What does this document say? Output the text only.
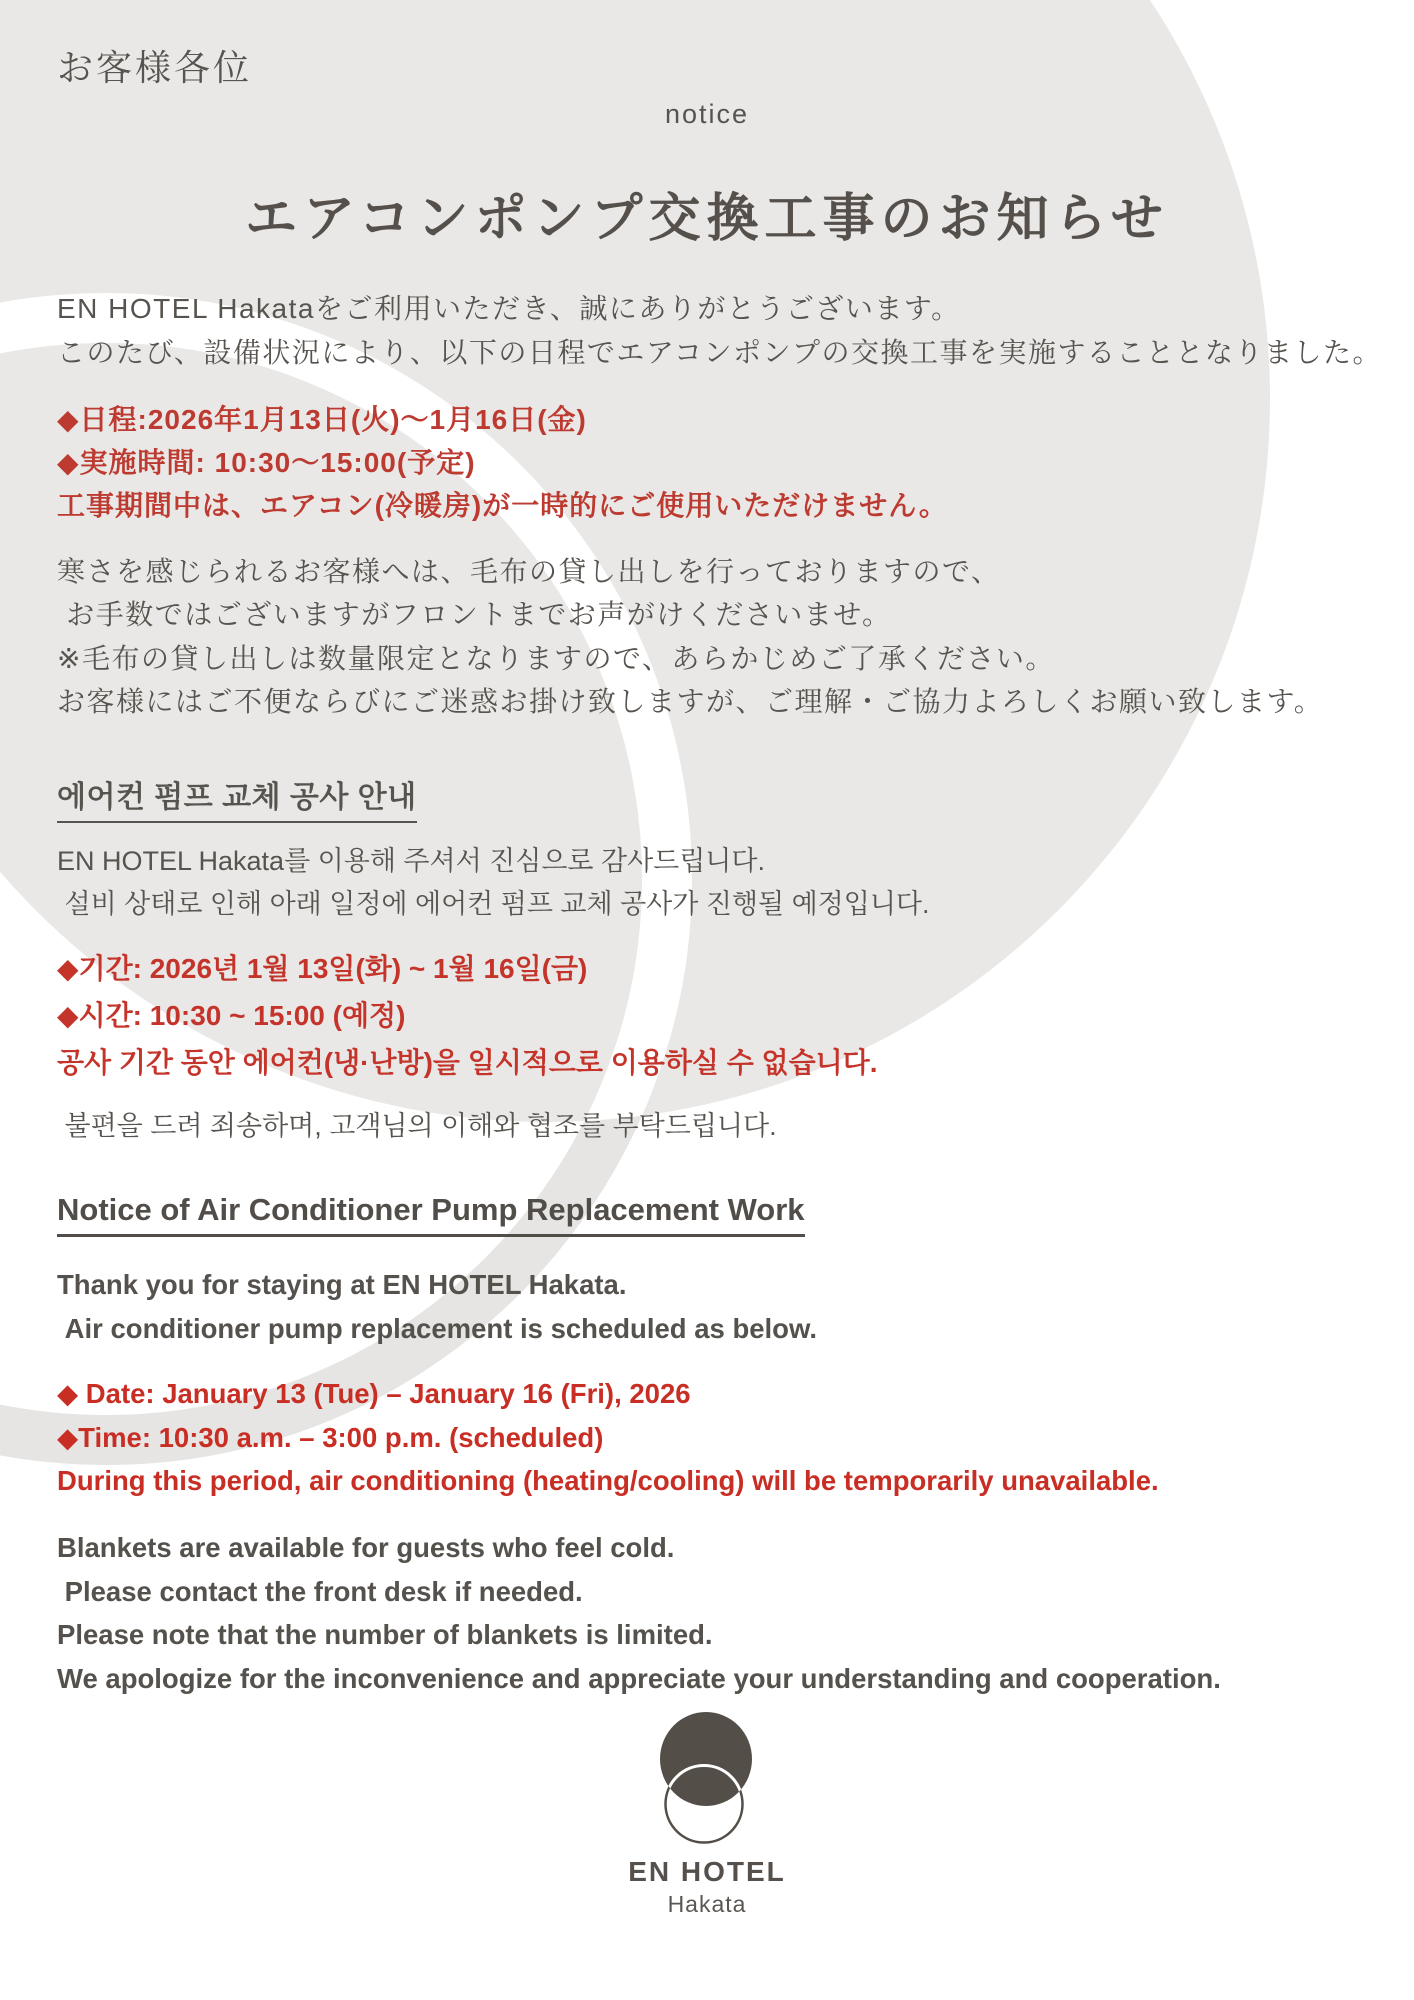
お客様各位
notice
エアコンポンプ交換工事のお知らせ
EN HOTEL Hakataをご利用いただき、誠にありがとうございます。
このたび、設備状況により、以下の日程でエアコンポンプの交換工事を実施することとなりました。
◆日程:2026年1月13日(火)〜1月16日(金)
◆実施時間: 10:30〜15:00(予定)
工事期間中は、エアコン(冷暖房)が一時的にご使用いただけません。
寒さを感じられるお客様へは、毛布の貸し出しを行っておりますので、
お手数ではございますがフロントまでお声がけくださいませ。
※毛布の貸し出しは数量限定となりますので、あらかじめご了承ください。
お客様にはご不便ならびにご迷惑お掛け致しますが、ご理解・ご協力よろしくお願い致します。
에어컨 펌프 교체 공사 안내
EN HOTEL Hakata를 이용해 주셔서 진심으로 감사드립니다.
설비 상태로 인해 아래 일정에 에어컨 펌프 교체 공사가 진행될 예정입니다.
◆기간: 2026년 1월 13일(화) ~ 1월 16일(금)
◆시간: 10:30 ~ 15:00 (예정)
공사 기간 동안 에어컨(냉·난방)을 일시적으로 이용하실 수 없습니다.
불편을 드려 죄송하며, 고객님의 이해와 협조를 부탁드립니다.
Notice of Air Conditioner Pump Replacement Work
Thank you for staying at EN HOTEL Hakata.
Air conditioner pump replacement is scheduled as below.
◆ Date: January 13 (Tue) – January 16 (Fri), 2026
◆Time: 10:30 a.m. – 3:00 p.m. (scheduled)
During this period, air conditioning (heating/cooling) will be temporarily unavailable.
Blankets are available for guests who feel cold.
Please contact the front desk if needed.
Please note that the number of blankets is limited.
We apologize for the inconvenience and appreciate your understanding and cooperation.
EN HOTEL
Hakata
